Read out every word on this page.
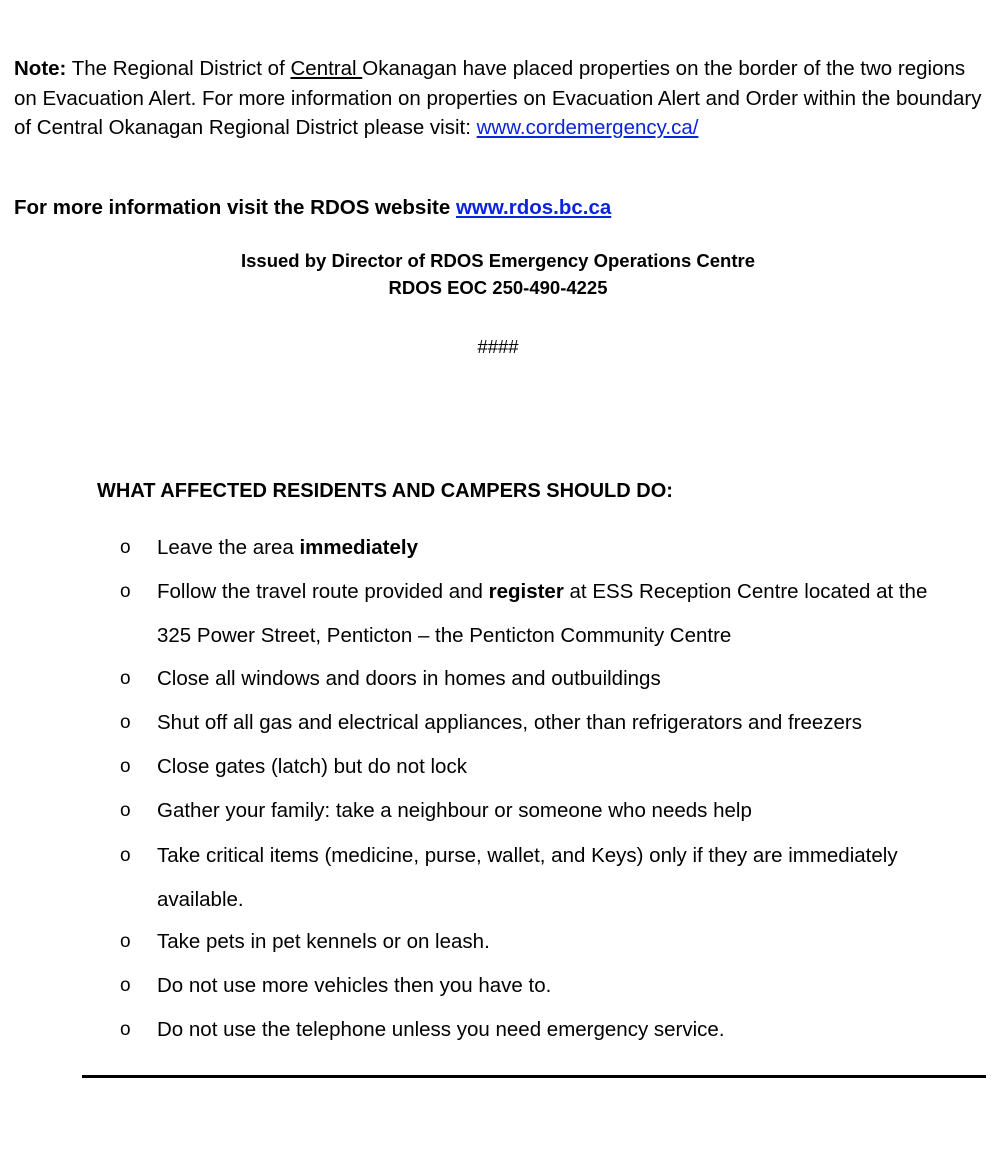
Note: The Regional District of Central Okanagan have placed properties on the border of the two regions on Evacuation Alert. For more information on properties on Evacuation Alert and Order within the boundary of Central Okanagan Regional District please visit: www.cordemergency.ca/

For more information visit the RDOS website www.rdos.bc.ca

Issued by Director of RDOS Emergency Operations Centre

RDOS EOC 250-490-4225

####

WHAT AFFECTED RESIDENTS AND CAMPERS SHOULD DO:
o Leave the area immediately
o Follow the travel route provided and register at ESS Reception Centre located at the 325 Power Street, Penticton – the Penticton Community Centre
o Close all windows and doors in homes and outbuildings
o Shut off all gas and electrical appliances, other than refrigerators and freezers
o Close gates (latch) but do not lock
o Gather your family: take a neighbour or someone who needs help
o Take critical items (medicine, purse, wallet, and Keys) only if they are immediately available.
o Take pets in pet kennels or on leash.
o Do not use more vehicles then you have to.
o Do not use the telephone unless you need emergency service.
